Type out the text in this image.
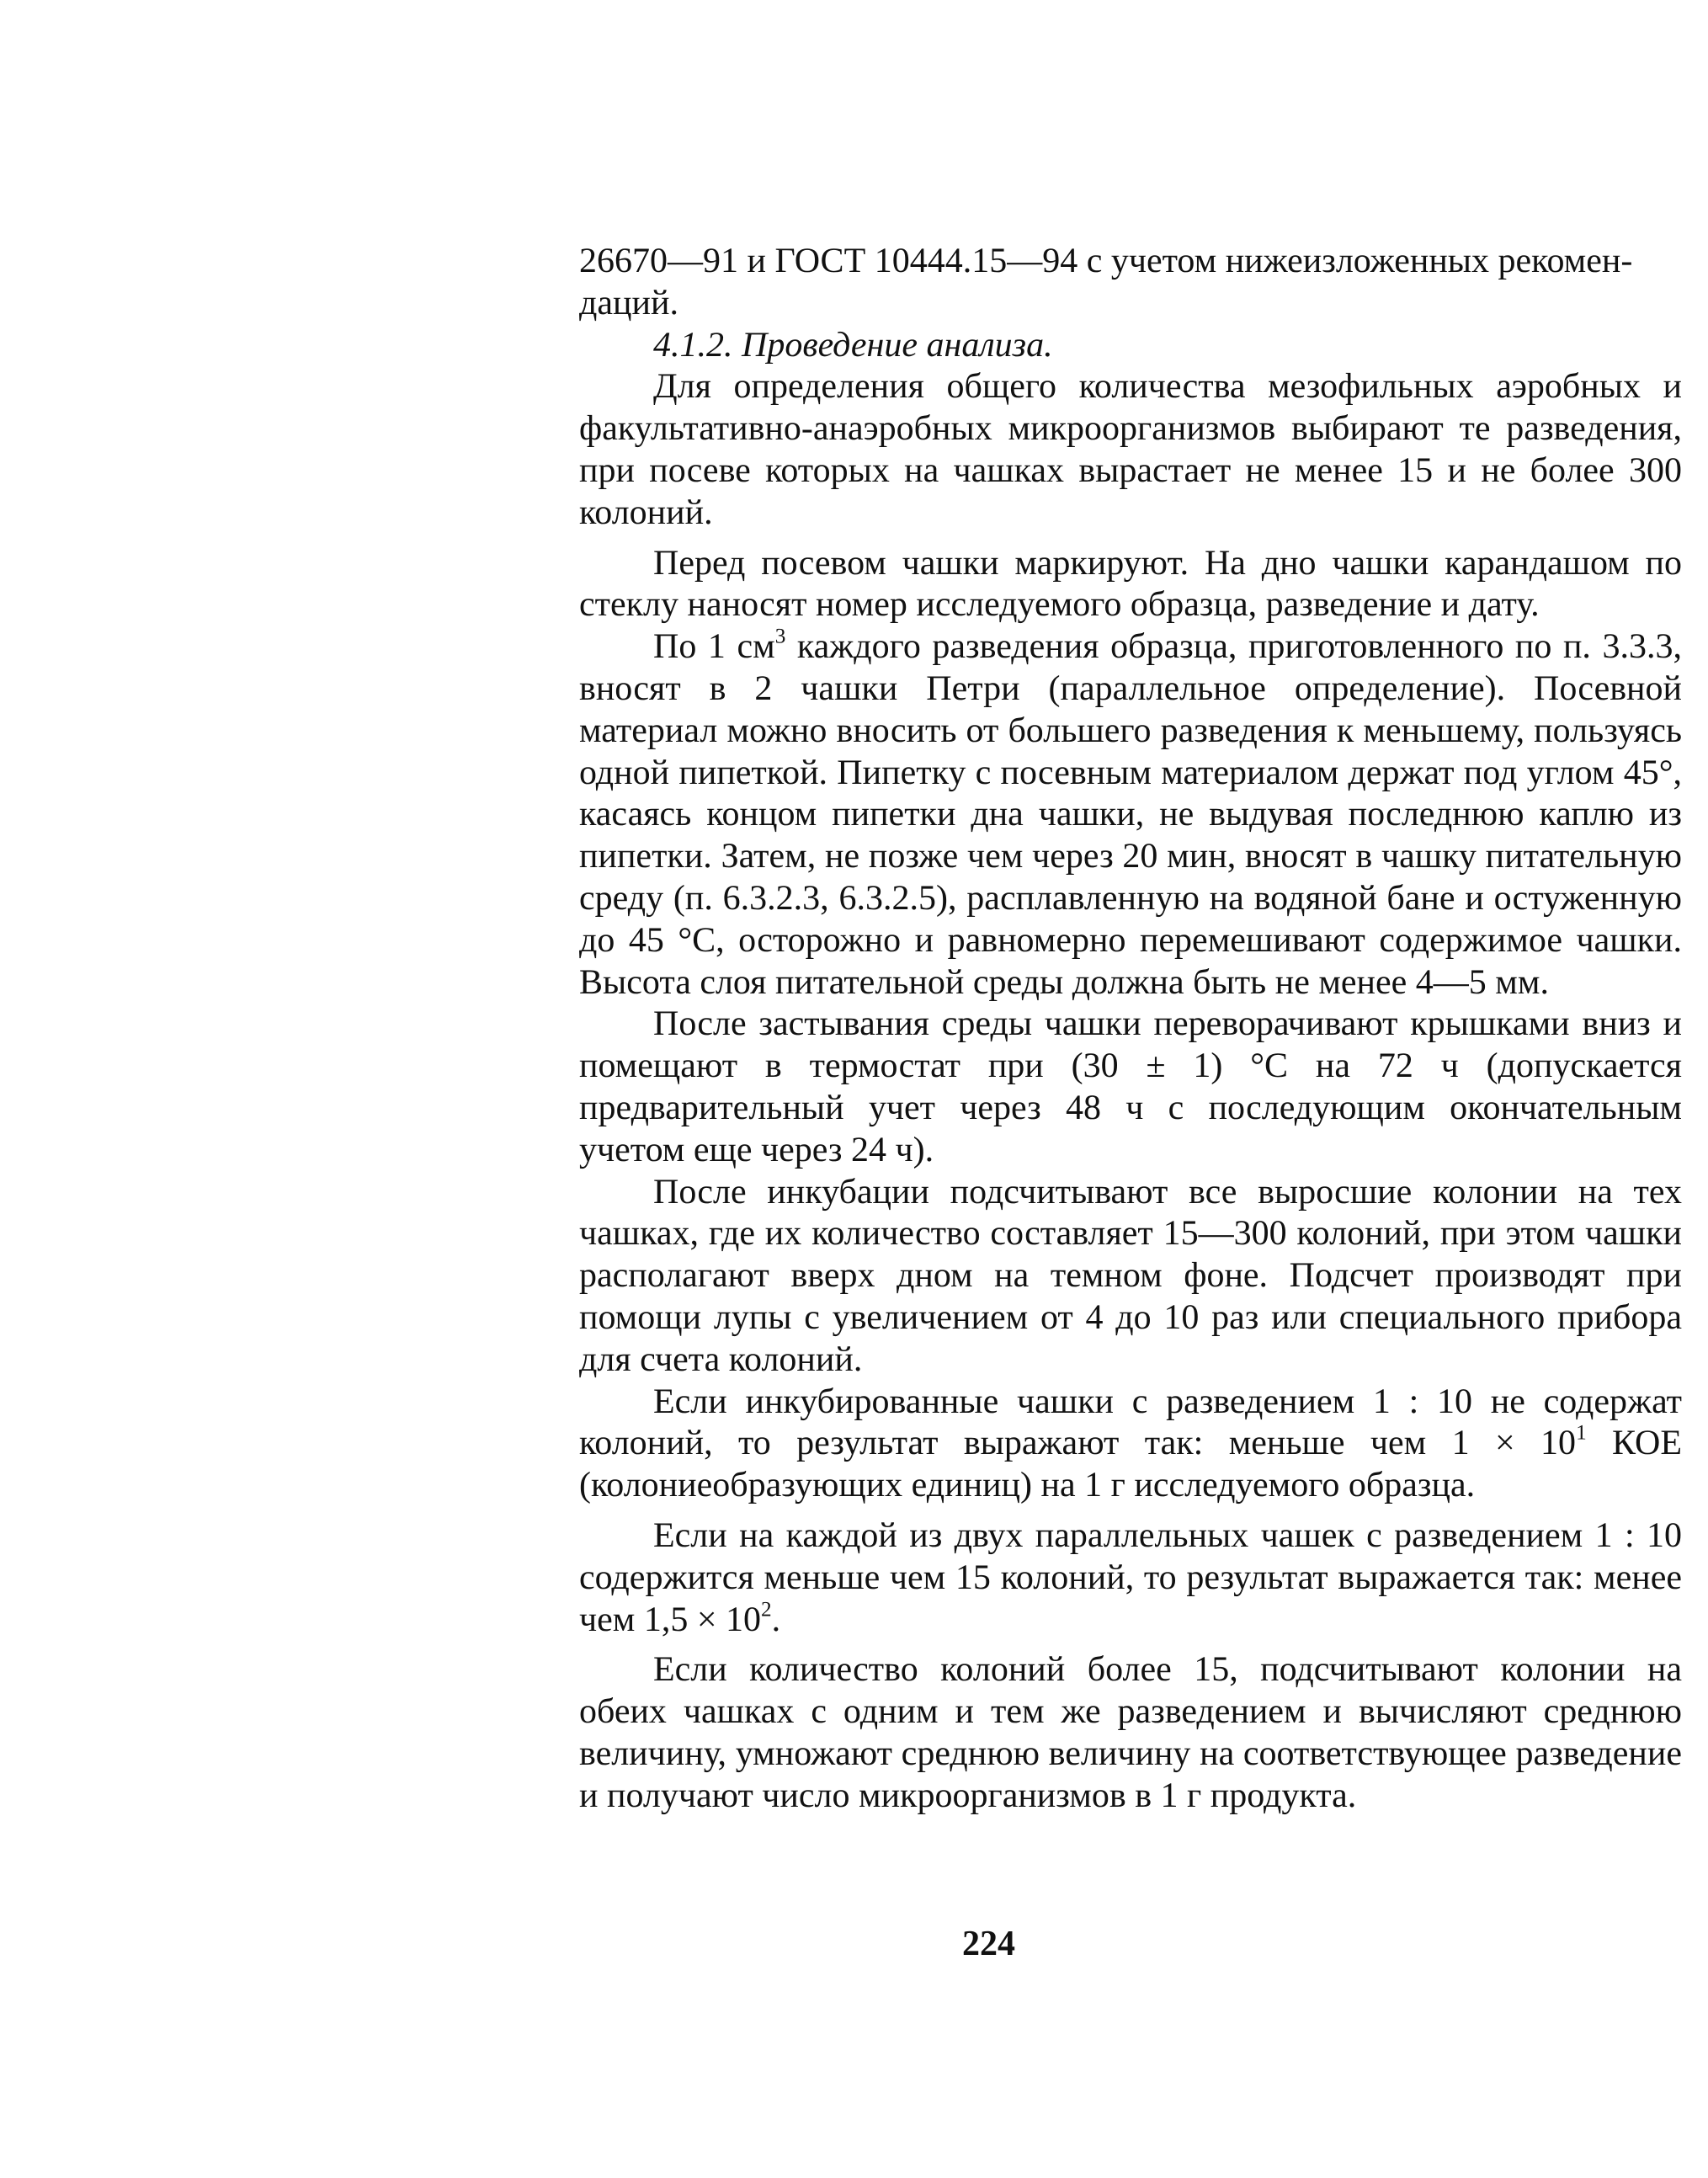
26670—91 и ГОСТ 10444.15—94 с учетом нижеизложенных рекомен-

даций.

4.1.2. Проведение анализа.

Для определения общего количества мезофильных аэробных и факультативно-анаэробных микроорганизмов выбирают те разведения, при посеве которых на чашках вырастает не менее 15 и не более 300 колоний.

Перед посевом чашки маркируют. На дно чашки карандашом по стеклу наносят номер исследуемого образца, разведение и дату.

По 1 $см^3$ каждого разведения образца, приготовленного по п. 3.3.3, вносят в 2 чашки Петри (параллельное определение). Посевной материал можно вносить от большего разведения к меньшему, пользуясь одной пипеткой. Пипетку с посевным материалом держат под углом 45°, касаясь концом пипетки дна чашки, не выдувая последнюю каплю из пипетки. Затем, не позже чем через 20 мин, вносят в чашку питательную среду (п. 6.3.2.3, 6.3.2.5), расплавленную на водяной бане и остуженную до 45 °С, осторожно и равномерно перемешивают содержимое чашки. Высота слоя питательной среды должна быть не менее 4—5 мм.

После застывания среды чашки переворачивают крышками вниз и помещают в термостат при (30 ± 1) °С на 72 ч (допускается предварительный учет через 48 ч с последующим окончательным учетом еще через 24 ч).

После инкубации подсчитывают все выросшие колонии на тех чашках, где их количество составляет 15—300 колоний, при этом чашки располагают вверх дном на темном фоне. Подсчет производят при помощи лупы с увеличением от 4 до 10 раз или специального прибора для счета колоний.

Если инкубированные чашки с разведением 1 : 10 не содержат колоний, то результат выражают так: меньше чем $1 \times 10^1$ КОЕ (колониеобразующих единиц) на 1 г исследуемого образца.

Если на каждой из двух параллельных чашек с разведением 1 : 10 содержится меньше чем 15 колоний, то результат выражается так: менее чем $1,5 \times 10^2$.

Если количество колоний более 15, подсчитывают колонии на обеих чашках с одним и тем же разведением и вычисляют среднюю величину, умножают среднюю величину на соответствующее разведение и получают число микроорганизмов в 1 г продукта.

224
